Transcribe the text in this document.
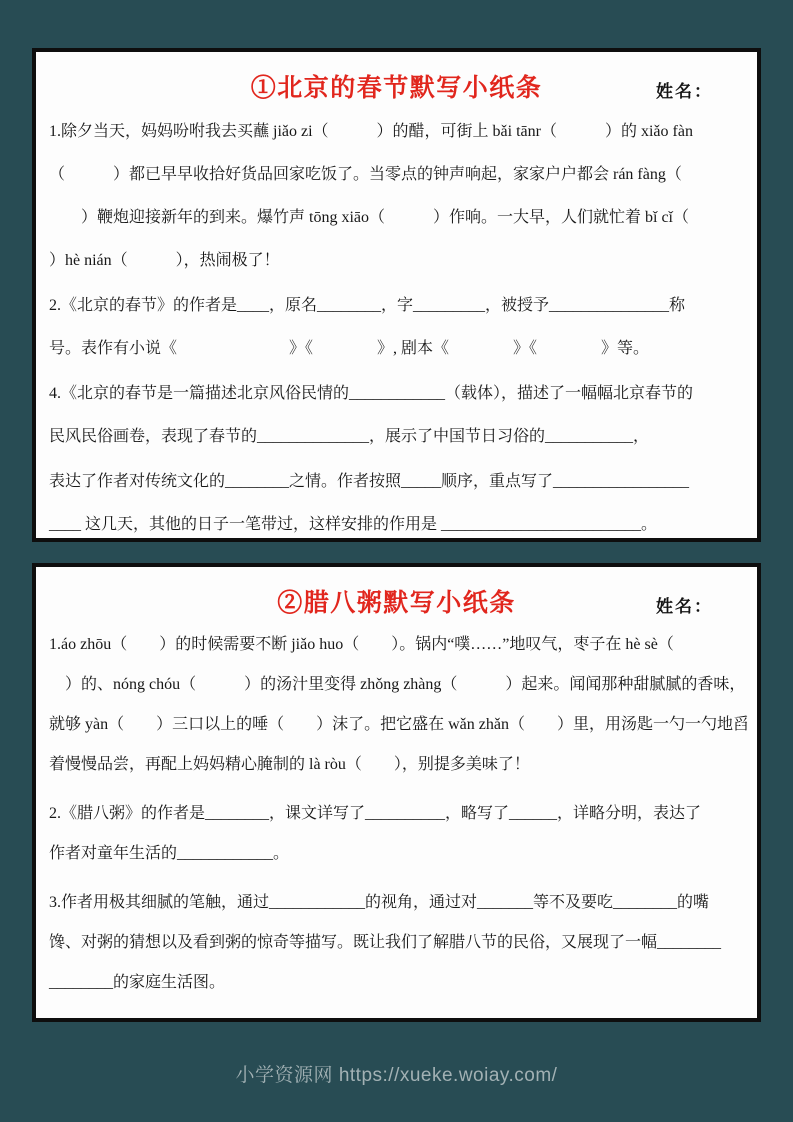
①北京的春节默写小纸条	姓名：
1.除夕当天，妈妈吩咐我去买蘸 jiǎo zi（　　　）的醋，可街上 bǎi tānr（　　　）的 xiǎo fàn
（　　　）都已早早收拾好货品回家吃饭了。当零点的钟声响起，家家户户都会 rán fàng（
　　）鞭炮迎接新年的到来。爆竹声 tōng xiāo（　　　）作响。一大早，人们就忙着 bǐ cǐ（
）hè nián（　　　），热闹极了！
2.《北京的春节》的作者是____，原名________，字_________，被授予_______________称
号。表作有小说《　　　　　　　》《　　　　》, 剧本《　　　　》《　　　　》等。
4.《北京的春节是一篇描述北京风俗民情的____________（载体），描述了一幅幅北京春节的
民风民俗画卷，表现了春节的______________，展示了中国节日习俗的___________，
表达了作者对传统文化的________之情。作者按照_____顺序，重点写了_________________
____ 这几天，其他的日子一笔带过，这样安排的作用是 _________________________。
②腊八粥默写小纸条	姓名：
1.áo zhōu（　　）的时候需要不断 jiǎo huo（　　）。锅内“噗……”地叹气，枣子在 hè sè（
　）的、nóng chóu（　　　）的汤汁里变得 zhǒng zhàng（　　　）起来。闻闻那种甜腻腻的香味，
就够 yàn（　　）三口以上的唾（　　）沫了。把它盛在 wǎn zhǎn（　　）里，用汤匙一勺一勺地舀
着慢慢品尝，再配上妈妈精心腌制的 là ròu（　　），别提多美味了！
2.《腊八粥》的作者是________，课文详写了__________，略写了______，详略分明，表达了
作者对童年生活的____________。
3.作者用极其细腻的笔触，通过____________的视角，通过对_______等不及要吃________的嘴
馋、对粥的猜想以及看到粥的惊奇等描写。既让我们了解腊八节的民俗，又展现了一幅________
________的家庭生活图。
小学资源网 https://xueke.woiay.com/
